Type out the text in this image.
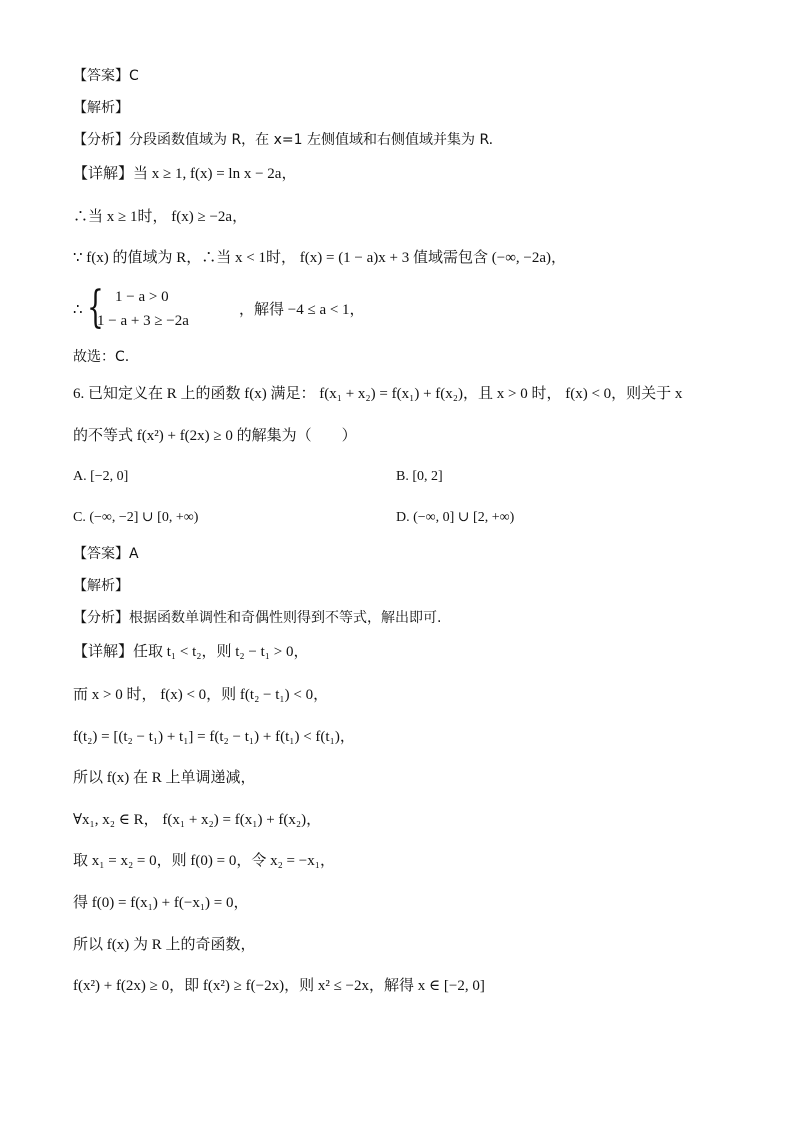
【答案】C
【解析】
【分析】分段函数值域为 R，在 x=1 左侧值域和右侧值域并集为 R.
【详解】当 x ≥ 1, f(x) = ln x − 2a，
∴当 x ≥ 1时， f(x) ≥ −2a，
∵ f(x) 的值域为 R，∴当 x < 1时， f(x) = (1 − a)x + 3 值域需包含 (−∞, −2a)，
∴ { 1 − a > 0
1 − a + 3 ≥ −2a
，解得 −4 ≤ a < 1，
故选：C.
6. 已知定义在 R 上的函数 f(x) 满足： f(x₁ + x₂) = f(x₁) + f(x₂)，且 x > 0 时， f(x) < 0，则关于 x
的不等式 f(x²) + f(2x) ≥ 0 的解集为（　　）
A. [−2, 0]	B. [0, 2]
C. (−∞, −2] ∪ [0, +∞)	D. (−∞, 0] ∪ [2, +∞)
【答案】A
【解析】
【分析】根据函数单调性和奇偶性则得到不等式，解出即可.
【详解】任取 t₁ < t₂，则 t₂ − t₁ > 0，
而 x > 0 时， f(x) < 0，则 f(t₂ − t₁) < 0，
f(t₂) = [(t₂ − t₁) + t₁] = f(t₂ − t₁) + f(t₁) < f(t₁)，
所以 f(x) 在 R 上单调递减，
∀x₁, x₂ ∈ R， f(x₁ + x₂) = f(x₁) + f(x₂)，
取 x₁ = x₂ = 0，则 f(0) = 0，令 x₂ = −x₁，
得 f(0) = f(x₁) + f(−x₁) = 0，
所以 f(x) 为 R 上的奇函数，
f(x²) + f(2x) ≥ 0，即 f(x²) ≥ f(−2x)，则 x² ≤ −2x，解得 x ∈ [−2, 0]
